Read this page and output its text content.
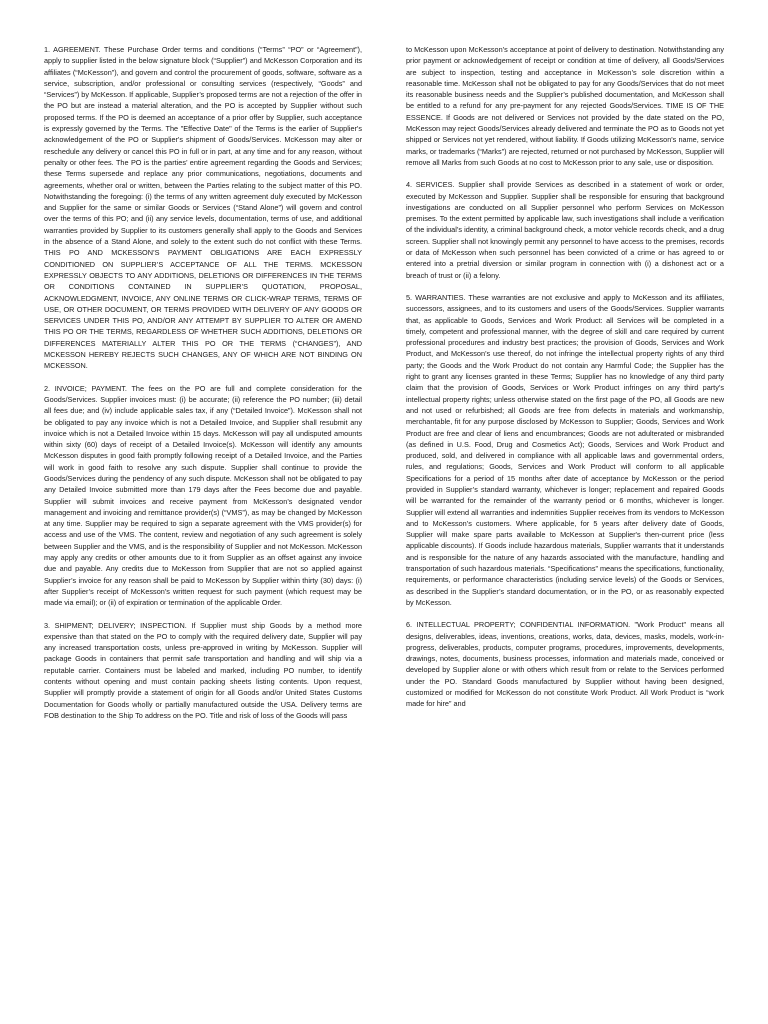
1. AGREEMENT. These Purchase Order terms and conditions (“Terms” “PO” or “Agreement”), apply to supplier listed in the below signature block (“Supplier”) and McKesson Corporation and its affiliates (“McKesson”), and govern and control the procurement of goods, software, software as a service, subscription, and/or professional or consulting services (respectively, “Goods” and “Services”) by McKesson. If applicable, Supplier’s proposed terms are not a rejection of the offer in the PO but are instead a material alteration, and the PO is accepted by Supplier without such proposed terms. If the PO is deemed an acceptance of a prior offer by Supplier, such acceptance is expressly governed by the Terms. The "Effective Date" of the Terms is the earlier of Supplier's acknowledgement of the PO or Supplier's shipment of Goods/Services. McKesson may alter or reschedule any delivery or cancel this PO in full or in part, at any time and for any reason, without penalty or other fees. The PO is the parties’ entire agreement regarding the Goods and Services; these Terms supersede and replace any prior communications, negotiations, documents and agreements, whether oral or written, between the Parties relating to the subject matter of this PO. Notwithstanding the foregoing: (i) the terms of any written agreement duly executed by McKesson and Supplier for the same or similar Goods or Services (“Stand Alone”) will govern and control over the terms of this PO; and (ii) any service levels, documentation, terms of use, and additional warranties provided by Supplier to its customers generally shall apply to the Goods and Services in the absence of a Stand Alone, and solely to the extent such do not conflict with these Terms. THIS PO AND MCKESSON’S PAYMENT OBLIGATIONS ARE EACH EXPRESSLY CONDITIONED ON SUPPLIER’S ACCEPTANCE OF ALL THE TERMS. MCKESSON EXPRESSLY OBJECTS TO ANY ADDITIONS, DELETIONS OR DIFFERENCES IN THE TERMS OR CONDITIONS CONTAINED IN SUPPLIER’S QUOTATION, PROPOSAL, ACKNOWLEDGMENT, INVOICE, ANY ONLINE TERMS OR CLICK-WRAP TERMS, TERMS OF USE, OR OTHER DOCUMENT, OR TERMS PROVIDED WITH DELIVERY OF ANY GOODS OR SERVICES UNDER THIS PO, AND/OR ANY ATTEMPT BY SUPPLIER TO ALTER OR AMEND THIS PO OR THE TERMS, REGARDLESS OF WHETHER SUCH ADDITIONS, DELETIONS OR DIFFERENCES MATERIALLY ALTER THIS PO OR THE TERMS (“CHANGES”), AND MCKESSON HEREBY REJECTS SUCH CHANGES, ANY OF WHICH ARE NOT BINDING ON MCKESSON.

2. INVOICE; PAYMENT. The fees on the PO are full and complete consideration for the Goods/Services. Supplier invoices must: (i) be accurate; (ii) reference the PO number; (iii) detail all fees due; and (iv) include applicable sales tax, if any (“Detailed Invoice”). McKesson shall not be obligated to pay any invoice which is not a Detailed Invoice, and Supplier shall resubmit any invoice which is not a Detailed Invoice within 15 days. McKesson will pay all undisputed amounts within sixty (60) days of receipt of a Detailed Invoice(s). McKesson will identify any amounts McKesson disputes in good faith promptly following receipt of a Detailed Invoice, and the Parties will work in good faith to resolve any such dispute. Supplier shall continue to provide the Goods/Services during the pendency of any such dispute. McKesson shall not be obligated to pay any Detailed Invoice submitted more than 179 days after the Fees become due and payable. Supplier will submit invoices and receive payment from McKesson’s designated vendor management and invoicing and remittance provider(s) (“VMS”), as may be changed by McKesson at any time. Supplier may be required to sign a separate agreement with the VMS provider(s) for access and use of the VMS. The content, review and negotiation of any such agreement is solely between Supplier and the VMS, and is the responsibility of Supplier and not McKesson. McKesson may apply any credits or other amounts due to it from Supplier as an offset against any invoice due and payable. Any credits due to McKesson from Supplier that are not so applied against Supplier’s invoice for any reason shall be paid to McKesson by Supplier within thirty (30) days: (i) after Supplier’s receipt of McKesson’s written request for such payment (which request may be made via email); or (ii) of expiration or termination of the applicable Order.

3. SHIPMENT; DELIVERY; INSPECTION. If Supplier must ship Goods by a method more expensive than that stated on the PO to comply with the required delivery date, Supplier will pay any increased transportation costs, unless pre-approved in writing by McKesson. Supplier will package Goods in containers that permit safe transportation and handling and will ship via a reputable carrier. Containers must be labeled and marked, including PO number, to identify contents without opening and must contain packing sheets listing contents. Upon request, Supplier will promptly provide a statement of origin for all Goods and/or United States Customs Documentation for Goods wholly or partially manufactured outside the USA. Delivery terms are FOB destination to the Ship To address on the PO. Title and risk of loss of the Goods will pass

to McKesson upon McKesson’s acceptance at point of delivery to destination. Notwithstanding any prior payment or acknowledgement of receipt or condition at time of delivery, all Goods/Services are subject to inspection, testing and acceptance in McKesson’s sole discretion within a reasonable time. McKesson shall not be obligated to pay for any Goods/Services that do not meet its reasonable business needs and the Supplier’s published documentation, and McKesson shall be entitled to a refund for any pre-payment for any rejected Goods/Services. TIME IS OF THE ESSENCE. If Goods are not delivered or Services not provided by the date stated on the PO, McKesson may reject Goods/Services already delivered and terminate the PO as to Goods not yet shipped or Services not yet rendered, without liability. If Goods utilizing McKesson's name, service marks, or trademarks (“Marks”) are rejected, returned or not purchased by McKesson, Supplier will remove all Marks from such Goods at no cost to McKesson prior to any sale, use or disposition.

4. SERVICES. Supplier shall provide Services as described in a statement of work or order, executed by McKesson and Supplier. Supplier shall be responsible for ensuring that background investigations are conducted on all Supplier personnel who perform Services on McKesson premises. To the extent permitted by applicable law, such investigations shall include a verification of the individual’s identity, a criminal background check, a motor vehicle records check, and a drug screen. Supplier shall not knowingly permit any personnel to have access to the premises, records or data of McKesson when such personnel has been convicted of a crime or has agreed to or entered into a pretrial diversion or similar program in connection with (i) a dishonest act or a breach of trust or (ii) a felony.

5. WARRANTIES. These warranties are not exclusive and apply to McKesson and its affiliates, successors, assignees, and to its customers and users of the Goods/Services. Supplier warrants that, as applicable to Goods, Services and Work Product: all Services will be completed in a timely, competent and professional manner, with the degree of skill and care required by current professional procedures and industry best practices; the provision of Goods, Services and Work Product, and McKesson’s use thereof, do not infringe the intellectual property rights of any third party; the Goods and the Work Product do not contain any Harmful Code; the Supplier has the right to grant any licenses granted in these Terms; Supplier has no knowledge of any third party claim that the provision of Goods, Services or Work Product infringes on any third party’s intellectual property rights; unless otherwise stated on the first page of the PO, all Goods are new and not used or refurbished; all Goods are free from defects in materials and workmanship, merchantable, fit for any purpose disclosed by McKesson to Supplier; Goods, Services and Work Product are free and clear of liens and encumbrances; Goods are not adulterated or misbranded (as defined in U.S. Food, Drug and Cosmetics Act); Goods, Services and Work Product and produced, sold, and delivered in compliance with all applicable laws and governmental orders, rules, and regulations; Goods, Services and Work Product will conform to all applicable Specifications for a period of 15 months after date of acceptance by McKesson or the period provided in Supplier’s standard warranty, whichever is longer; replacement and repaired Goods will be warranted for the remainder of the warranty period or 6 months, whichever is longer. Supplier will extend all warranties and indemnities Supplier receives from its vendors to McKesson and to McKesson’s customers. Where applicable, for 5 years after delivery date of Goods, Supplier will make spare parts available to McKesson at Supplier's then-current price (less applicable discounts). If Goods include hazardous materials, Supplier warrants that it understands and is responsible for the nature of any hazards associated with the manufacture, handling and transportation of such hazardous materials. “Specifications” means the specifications, functionality, requirements, or performance characteristics (including service levels) of the Goods or Services, as described in the Supplier’s standard documentation, or in the PO, or as reasonably expected by McKesson.

6. INTELLECTUAL PROPERTY; CONFIDENTIAL INFORMATION. "Work Product" means all designs, deliverables, ideas, inventions, creations, works, data, devices, masks, models, work-in-progress, deliverables, products, computer programs, procedures, improvements, developments, drawings, notes, documents, business processes, information and materials made, conceived or developed by Supplier alone or with others which result from or relate to the Services performed under the PO. Standard Goods manufactured by Supplier without having been designed, customized or modified for McKesson do not constitute Work Product. All Work Product is “work made for hire” and
